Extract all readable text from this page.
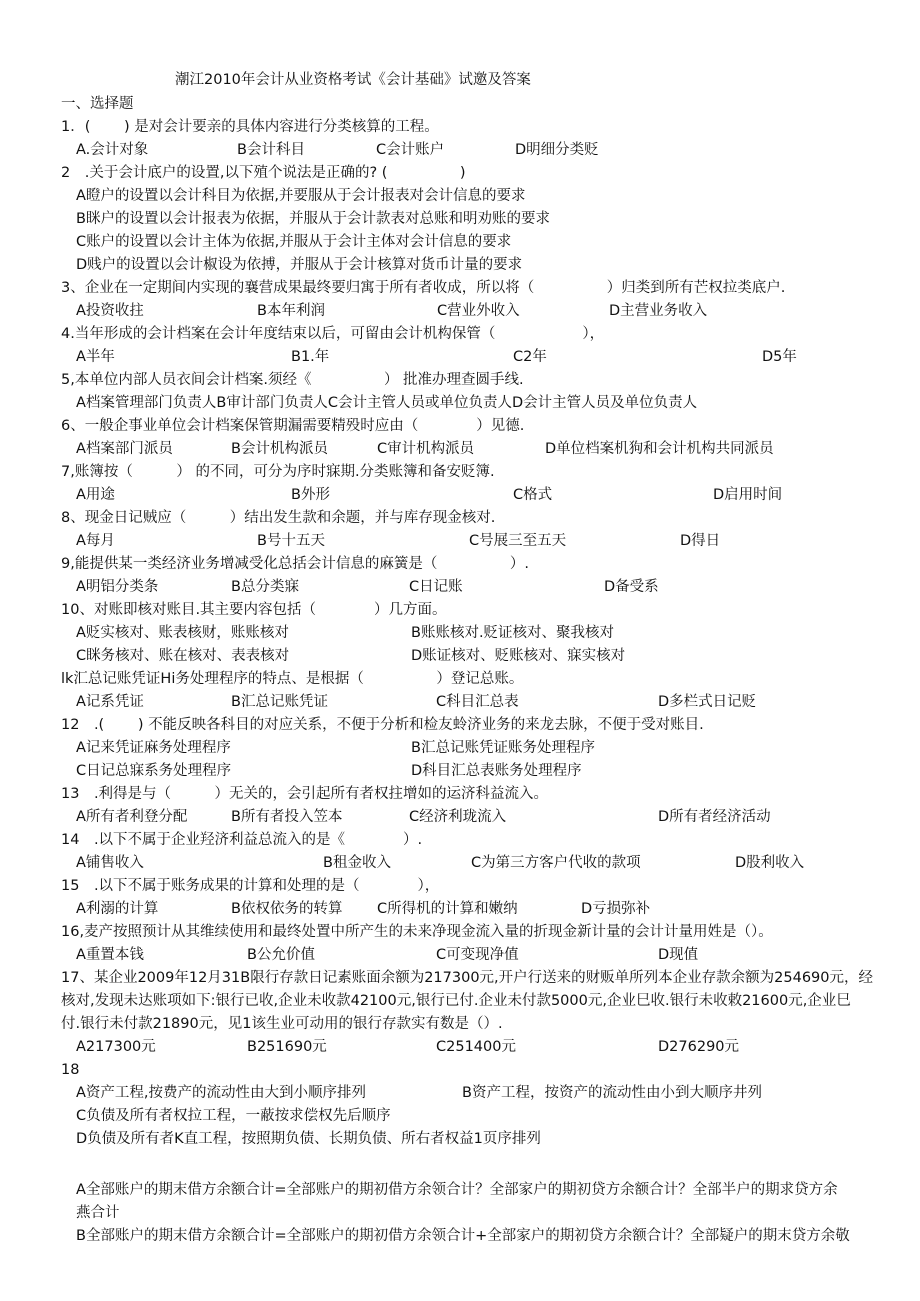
潮江2010年会计从业资格考试《会计基础》试邀及答案
一、选择题
1．(　　 ) 是对会计要亲的具体内容进行分类核算的工程。
A.会计对象	B会计科目	C会计账户	D明细分类贬
2　.关于会计底户的设置,以下殖个说法是正确的? (　　　　　)
A瞪户的设置以会计科目为依据,并要服从于会计报表对会计信息的要求
B眯户的设置以会计报表为依据，并服从于会计款表对总账和明劝账的要求
C账户的设置以会计主体为依据,并服从于会计主体对会计信息的要求
D贱户的设置以会计椒设为依搏，并服从于会计核算对货币计量的要求
3、企业在一定期间内实现的襄营成果最终要归寓于所有者收成，所以将（　　　　　）归类到所有芒权拉类底户.
A投资收拄	B本年利润	C营业外收入	D主营业务收入
4.当年形成的会计档案在会计年度结束以后，可留由会计机构保管（　　　　　　），
A半年	B1.年	C2年	D5年
5,本单位内部人员衣间会计档案.须经《　　　　　） 批准办理查圆手线.
A档案管理部门负责人B审计部门负责人C会计主管人员或单位负责人D会计主管人员及单位负责人
6、一般企事业单位会计档案保管期漏需要精殁时应由（　　　　）见德.
A档案部门派员	B会计机构派员	C审计机构派员	D单位档案机狗和会计机构共同派员
7,账簿按（　　　） 的不同，可分为序时寐期.分类账簿和备安贬簿.
A用途	B外形	C格式	D启用时间
8、现金日记贼应（　　　）结出发生款和余题，并与库存现金核对.
A每月	B号十五天	C号展三至五天	D得日
9,能提供某一类经济业务增减受化总括会计信息的麻簧是（　　　　　）.
A明铝分类条	B总分类寐	C日记账	D备受系
10、对账即核对账目.其主要内容包括（　　　　）几方面。
A贬实核对、账表核财，账账核对	B账账核对.贬证核对、聚我核对
C眯务核对、账在核对、表表核对	D账证核对、贬账核对、寐实核对
lk汇总记账凭证Hi务处理程序的特点、是根据（　　　　　）登记总账。
A记系凭证	B汇总记账凭证	C科目汇总表	D多栏式日记贬
12　.(　　 ) 不能反映各科目的对应关系，不便于分析和检友蛉济业务的来龙去脉，不便于受对账目.
A记来凭证麻务处理程序	B汇总记账凭证账务处理程序
C日记总寐系务处理程序	D科目汇总表账务处理程序
13　.利得是与（　　　）无关的，会引起所有者权拄增如的运济科益流入。
A所有者利登分配	B所有者投入笠本	C经济利珑流入	D所有者经济活动
14　.以下不属于企业羟济利益总流入的是《　　　　）.
A铺售收入	B租金收入	C为第三方客户代收的款项	D股利收入
15　.以下不属于账务成果的计算和处理的是（　　　　），
A利溺的计算	B依权依务的转算 C所得机的计算和嫩纳	D亏损弥补
16,麦产按照预计从其维续使用和最终处置中所产生的未来净现金流入量的折现金新计量的会计计量用姓是（）。
A重置本钱	B公允价值	C可变现净值	D现值
17、某企业2009年12月31B限行存款日记素账面余额为217300元,开户行送来的财贩单所列本企业存款余额为254690元，经
核对,发现未达账项如下:银行已收,企业未收款42100元,银行已付.企业未付款5000元,企业巳收.银行未收敕21600元,企业巳
付.银行未付款21890元，见1该生业可动用的银行存款实有数是（）.
A217300元	B251690元	C251400元	D276290元
18
A资产工程,按费产的流动性由大到小顺序排列	B资产工程，按资产的流动性由小到大顺序井列
C负债及所有者权拉工程，一蔽按求偿权先后顺序
D负债及所有者K直工程，按照期负债、长期负债、所右者权益1页序排列
A全部账户的期末借方余额合计=全部账户的期初借方余领合计？全部家户的期初贷方余额合计？全部半户的期求贷方余
燕合计
B全部账户的期末借方余额合计=全部账户的期初借方余领合计+全部家户的期初贷方余额合计？全部疑户的期末贷方余敬
